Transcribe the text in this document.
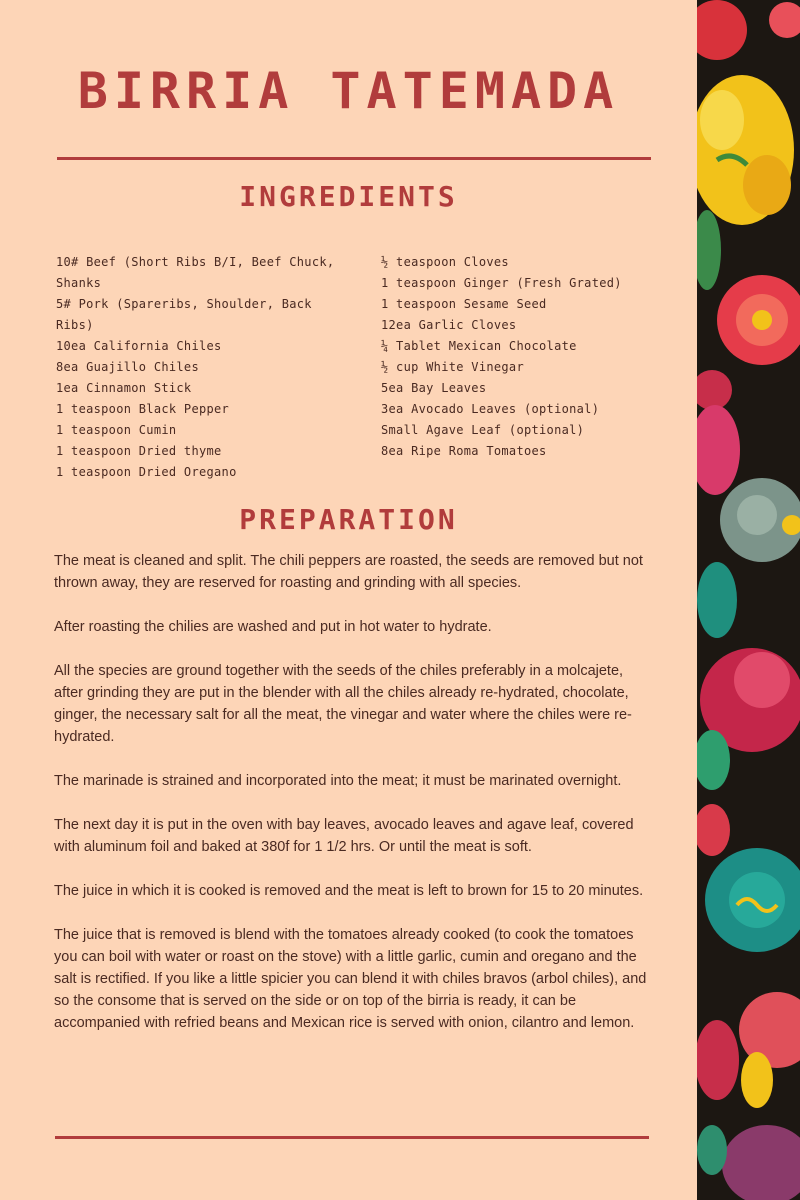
BIRRIA TATEMADA
INGREDIENTS
10# Beef (Short Ribs B/I, Beef Chuck, Shanks
5# Pork (Spareribs, Shoulder, Back Ribs)
10ea California Chiles
8ea Guajillo Chiles
1ea Cinnamon Stick
1 teaspoon Black Pepper
1 teaspoon Cumin
1 teaspoon Dried thyme
1 teaspoon Dried Oregano
½ teaspoon Cloves
1 teaspoon Ginger (Fresh Grated)
1 teaspoon Sesame Seed
12ea Garlic Cloves
¼ Tablet Mexican Chocolate
½ cup White Vinegar
5ea Bay Leaves
3ea Avocado Leaves (optional)
Small Agave Leaf (optional)
8ea Ripe Roma Tomatoes
PREPARATION

The meat is cleaned and split. The chili peppers are roasted, the seeds are removed but not thrown away, they are reserved for roasting and grinding with all species.

After roasting the chilies are washed and put in hot water to hydrate.

All the species are ground together with the seeds of the chiles preferably in a molcajete, after grinding they are put in the blender with all the chiles already re-hydrated, chocolate, ginger, the necessary salt for all the meat, the vinegar and water where the chiles were re-hydrated.

The marinade is strained and incorporated into the meat; it must be marinated overnight.

The next day it is put in the oven with bay leaves, avocado leaves and agave leaf, covered with aluminum foil and baked at 380f for 1 1/2 hrs. Or until the meat is soft.

The juice in which it is cooked is removed and the meat is left to brown for 15 to 20 minutes.

The juice that is removed is blend with the tomatoes already cooked (to cook the tomatoes you can boil with water or roast on the stove) with a little garlic, cumin and oregano and the salt is rectified. If you like a little spicier you can blend it with chiles bravos (arbol chiles), and so the consome that is served on the side or on top of the birria is ready, it can be accompanied with refried beans and Mexican rice is served with onion, cilantro and lemon.
